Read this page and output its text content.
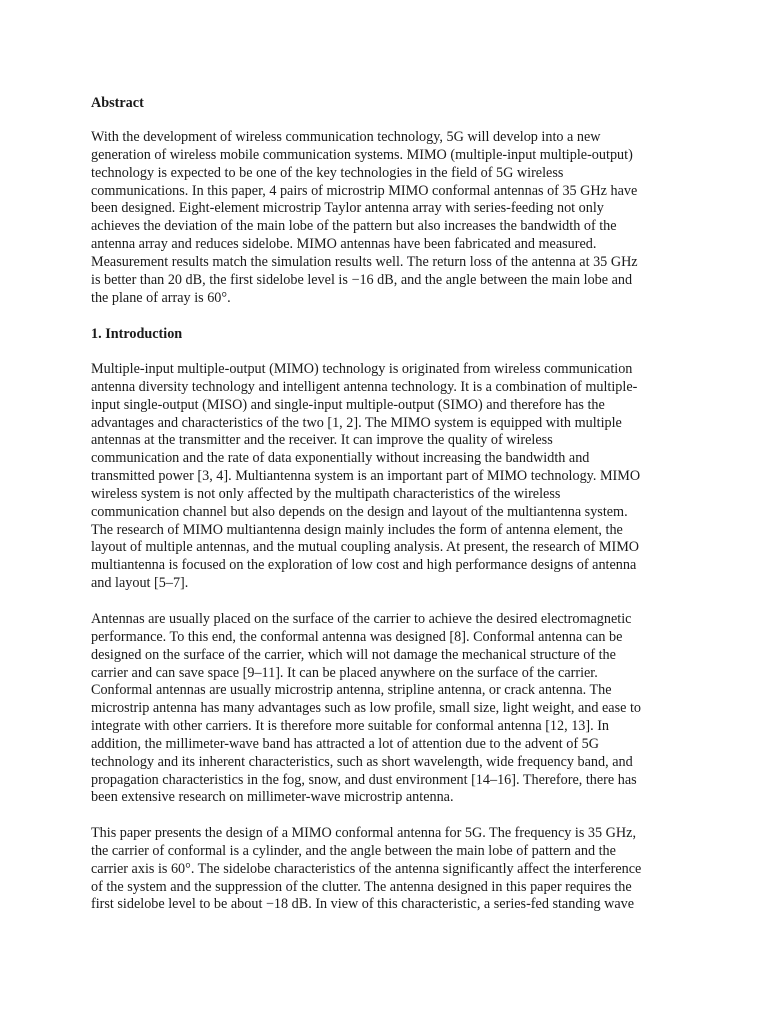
Abstract

With the development of wireless communication technology, 5G will develop into a new
generation of wireless mobile communication systems. MIMO (multiple-input multiple-output)
technology is expected to be one of the key technologies in the field of 5G wireless
communications. In this paper, 4 pairs of microstrip MIMO conformal antennas of 35 GHz have
been designed. Eight-element microstrip Taylor antenna array with series-feeding not only
achieves the deviation of the main lobe of the pattern but also increases the bandwidth of the
antenna array and reduces sidelobe. MIMO antennas have been fabricated and measured.
Measurement results match the simulation results well. The return loss of the antenna at 35 GHz
is better than 20 dB, the first sidelobe level is −16 dB, and the angle between the main lobe and
the plane of array is 60°.

1. Introduction

Multiple-input multiple-output (MIMO) technology is originated from wireless communication
antenna diversity technology and intelligent antenna technology. It is a combination of multiple-
input single-output (MISO) and single-input multiple-output (SIMO) and therefore has the
advantages and characteristics of the two [1, 2]. The MIMO system is equipped with multiple
antennas at the transmitter and the receiver. It can improve the quality of wireless
communication and the rate of data exponentially without increasing the bandwidth and
transmitted power [3, 4]. Multiantenna system is an important part of MIMO technology. MIMO
wireless system is not only affected by the multipath characteristics of the wireless
communication channel but also depends on the design and layout of the multiantenna system.
The research of MIMO multiantenna design mainly includes the form of antenna element, the
layout of multiple antennas, and the mutual coupling analysis. At present, the research of MIMO
multiantenna is focused on the exploration of low cost and high performance designs of antenna
and layout [5–7].

Antennas are usually placed on the surface of the carrier to achieve the desired electromagnetic
performance. To this end, the conformal antenna was designed [8]. Conformal antenna can be
designed on the surface of the carrier, which will not damage the mechanical structure of the
carrier and can save space [9–11]. It can be placed anywhere on the surface of the carrier.
Conformal antennas are usually microstrip antenna, stripline antenna, or crack antenna. The
microstrip antenna has many advantages such as low profile, small size, light weight, and ease to
integrate with other carriers. It is therefore more suitable for conformal antenna [12, 13]. In
addition, the millimeter-wave band has attracted a lot of attention due to the advent of 5G
technology and its inherent characteristics, such as short wavelength, wide frequency band, and
propagation characteristics in the fog, snow, and dust environment [14–16]. Therefore, there has
been extensive research on millimeter-wave microstrip antenna.

This paper presents the design of a MIMO conformal antenna for 5G. The frequency is 35 GHz,
the carrier of conformal is a cylinder, and the angle between the main lobe of pattern and the
carrier axis is 60°. The sidelobe characteristics of the antenna significantly affect the interference
of the system and the suppression of the clutter. The antenna designed in this paper requires the
first sidelobe level to be about −18 dB. In view of this characteristic, a series-fed standing wave
